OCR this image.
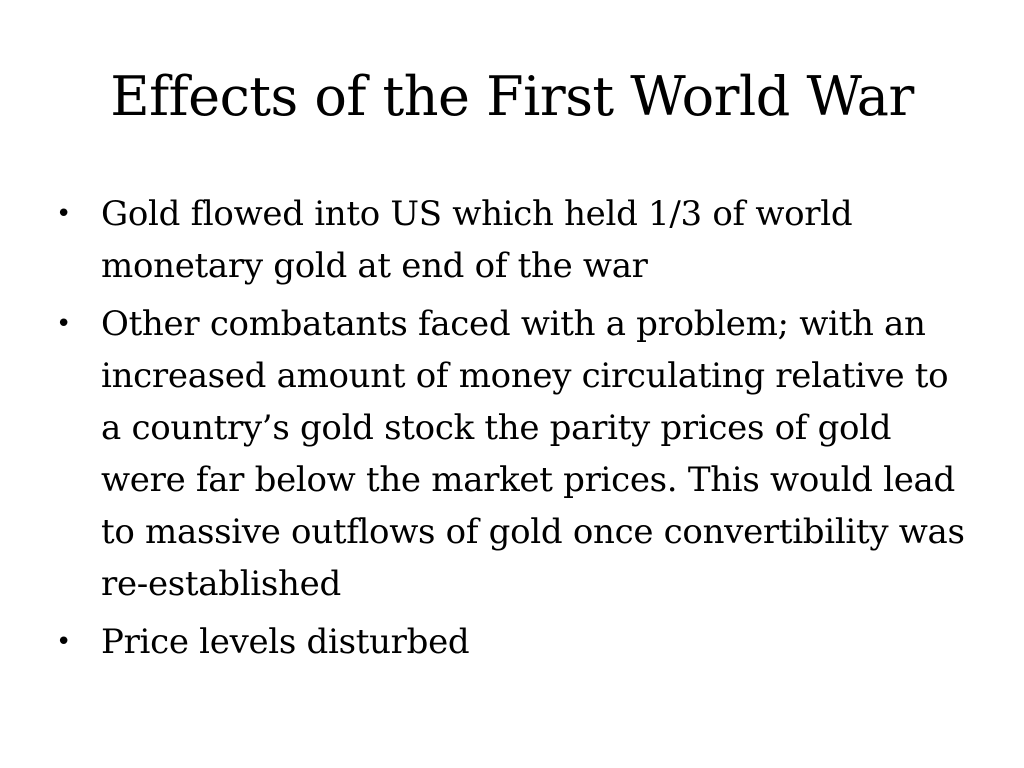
Effects of the First World War
• Gold flowed into US which held 1/3 of world monetary gold at end of the war
• Other combatants faced with a problem; with an increased amount of money circulating relative to a country’s gold stock the parity prices of gold were far below the market prices. This would lead to massive outflows of gold once convertibility was re-established
• Price levels disturbed
